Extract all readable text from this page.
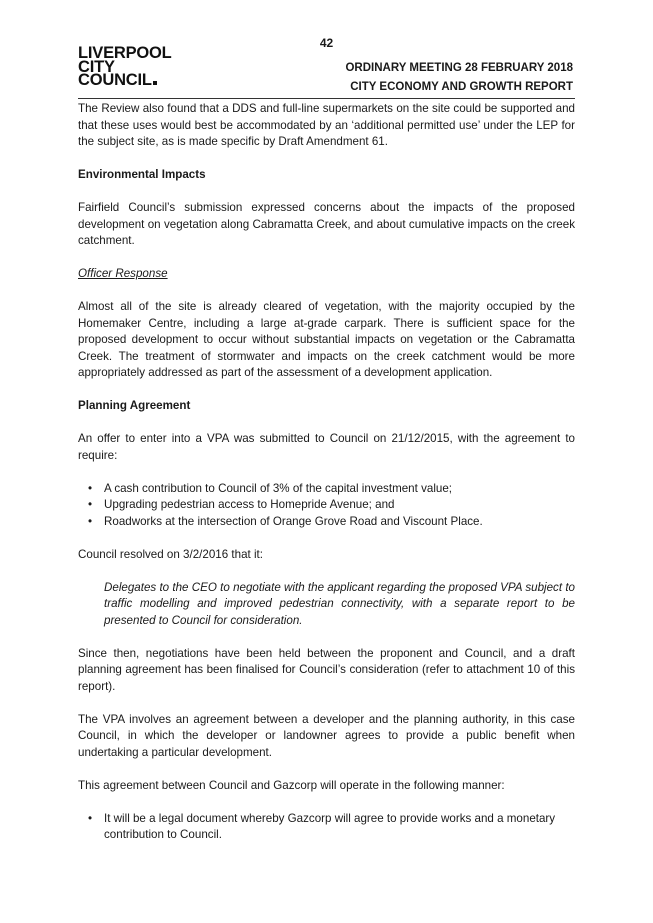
42
LIVERPOOL
CITY
COUNCIL
ORDINARY MEETING 28 FEBRUARY 2018
CITY ECONOMY AND GROWTH REPORT

The Review also found that a DDS and full-line supermarkets on the site could be supported and that these uses would best be accommodated by an ‘additional permitted use’ under the LEP for the subject site, as is made specific by Draft Amendment 61.

Environmental Impacts

Fairfield Council’s submission expressed concerns about the impacts of the proposed development on vegetation along Cabramatta Creek, and about cumulative impacts on the creek catchment.

Officer Response

Almost all of the site is already cleared of vegetation, with the majority occupied by the Homemaker Centre, including a large at-grade carpark. There is sufficient space for the proposed development to occur without substantial impacts on vegetation or the Cabramatta Creek. The treatment of stormwater and impacts on the creek catchment would be more appropriately addressed as part of the assessment of a development application.

Planning Agreement

An offer to enter into a VPA was submitted to Council on 21/12/2015, with the agreement to require:

• A cash contribution to Council of 3% of the capital investment value;
• Upgrading pedestrian access to Homepride Avenue; and
• Roadworks at the intersection of Orange Grove Road and Viscount Place.

Council resolved on 3/2/2016 that it:

Delegates to the CEO to negotiate with the applicant regarding the proposed VPA subject to traffic modelling and improved pedestrian connectivity, with a separate report to be presented to Council for consideration.

Since then, negotiations have been held between the proponent and Council, and a draft planning agreement has been finalised for Council’s consideration (refer to attachment 10 of this report).

The VPA involves an agreement between a developer and the planning authority, in this case Council, in which the developer or landowner agrees to provide a public benefit when undertaking a particular development.

This agreement between Council and Gazcorp will operate in the following manner:

• It will be a legal document whereby Gazcorp will agree to provide works and a monetary contribution to Council.
